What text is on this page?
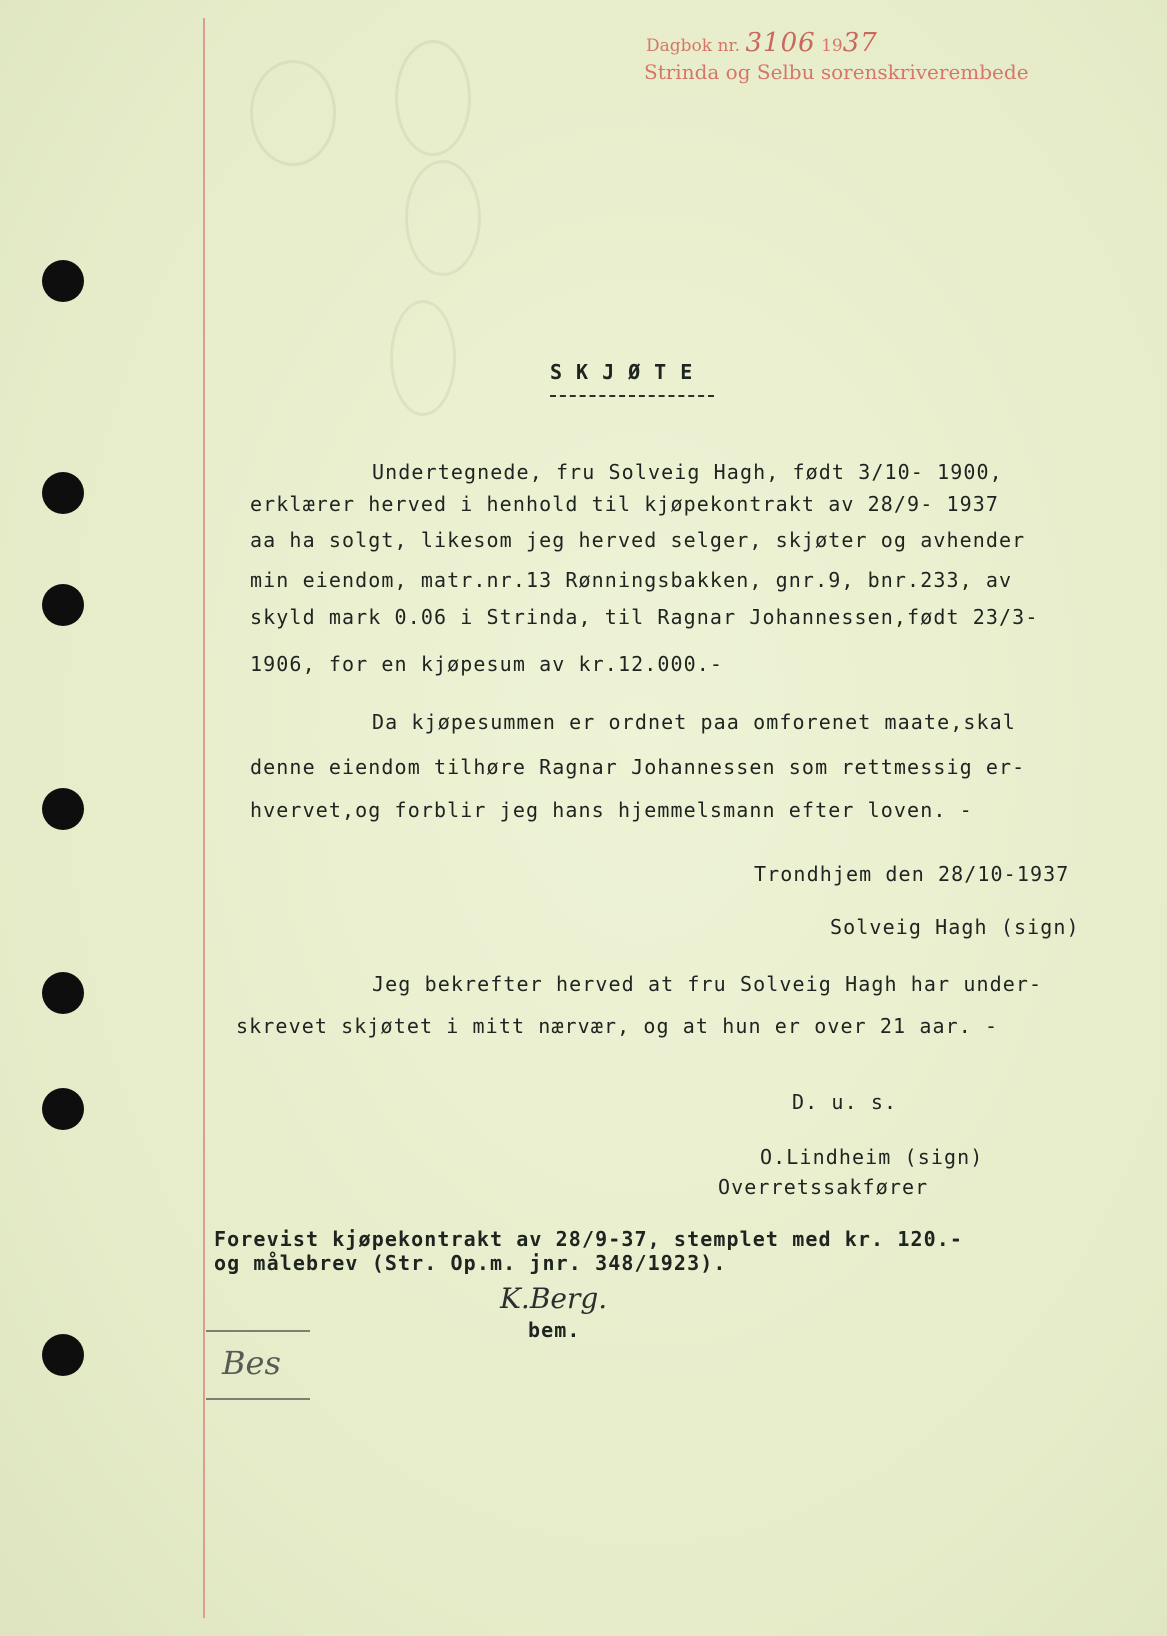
Dagbok nr. 3106 1937
Strinda og Selbu sorenskriverembede
SKJØTE
Undertegnede, fru Solveig Hagh, født 3/10- 1900,
erklærer herved i henhold til kjøpekontrakt av 28/9- 1937
aa ha solgt, likesom jeg herved selger, skjøter og avhender
min eiendom, matr.nr.13 Rønningsbakken, gnr.9, bnr.233, av
skyld mark 0.06 i Strinda, til Ragnar Johannessen,født 23/3-
1906, for en kjøpesum av kr.12.000.-
Da kjøpesummen er ordnet paa omforenet maate,skal
denne eiendom tilhøre Ragnar Johannessen som rettmessig er-
hvervet,og forblir jeg hans hjemmelsmann efter loven. -
Trondhjem den 28/10-1937
Solveig Hagh (sign)
Jeg bekrefter herved at fru Solveig Hagh har under-
skrevet skjøtet i mitt nærvær, og at hun er over 21 aar. -
D. u. s.
O.Lindheim (sign)
Overretssakfører
Forevist kjøpekontrakt av 28/9-37, stemplet med kr. 120.-
og målebrev (Str. Op.m. jnr. 348/1923).
K.Berg.
bem.
Bes
